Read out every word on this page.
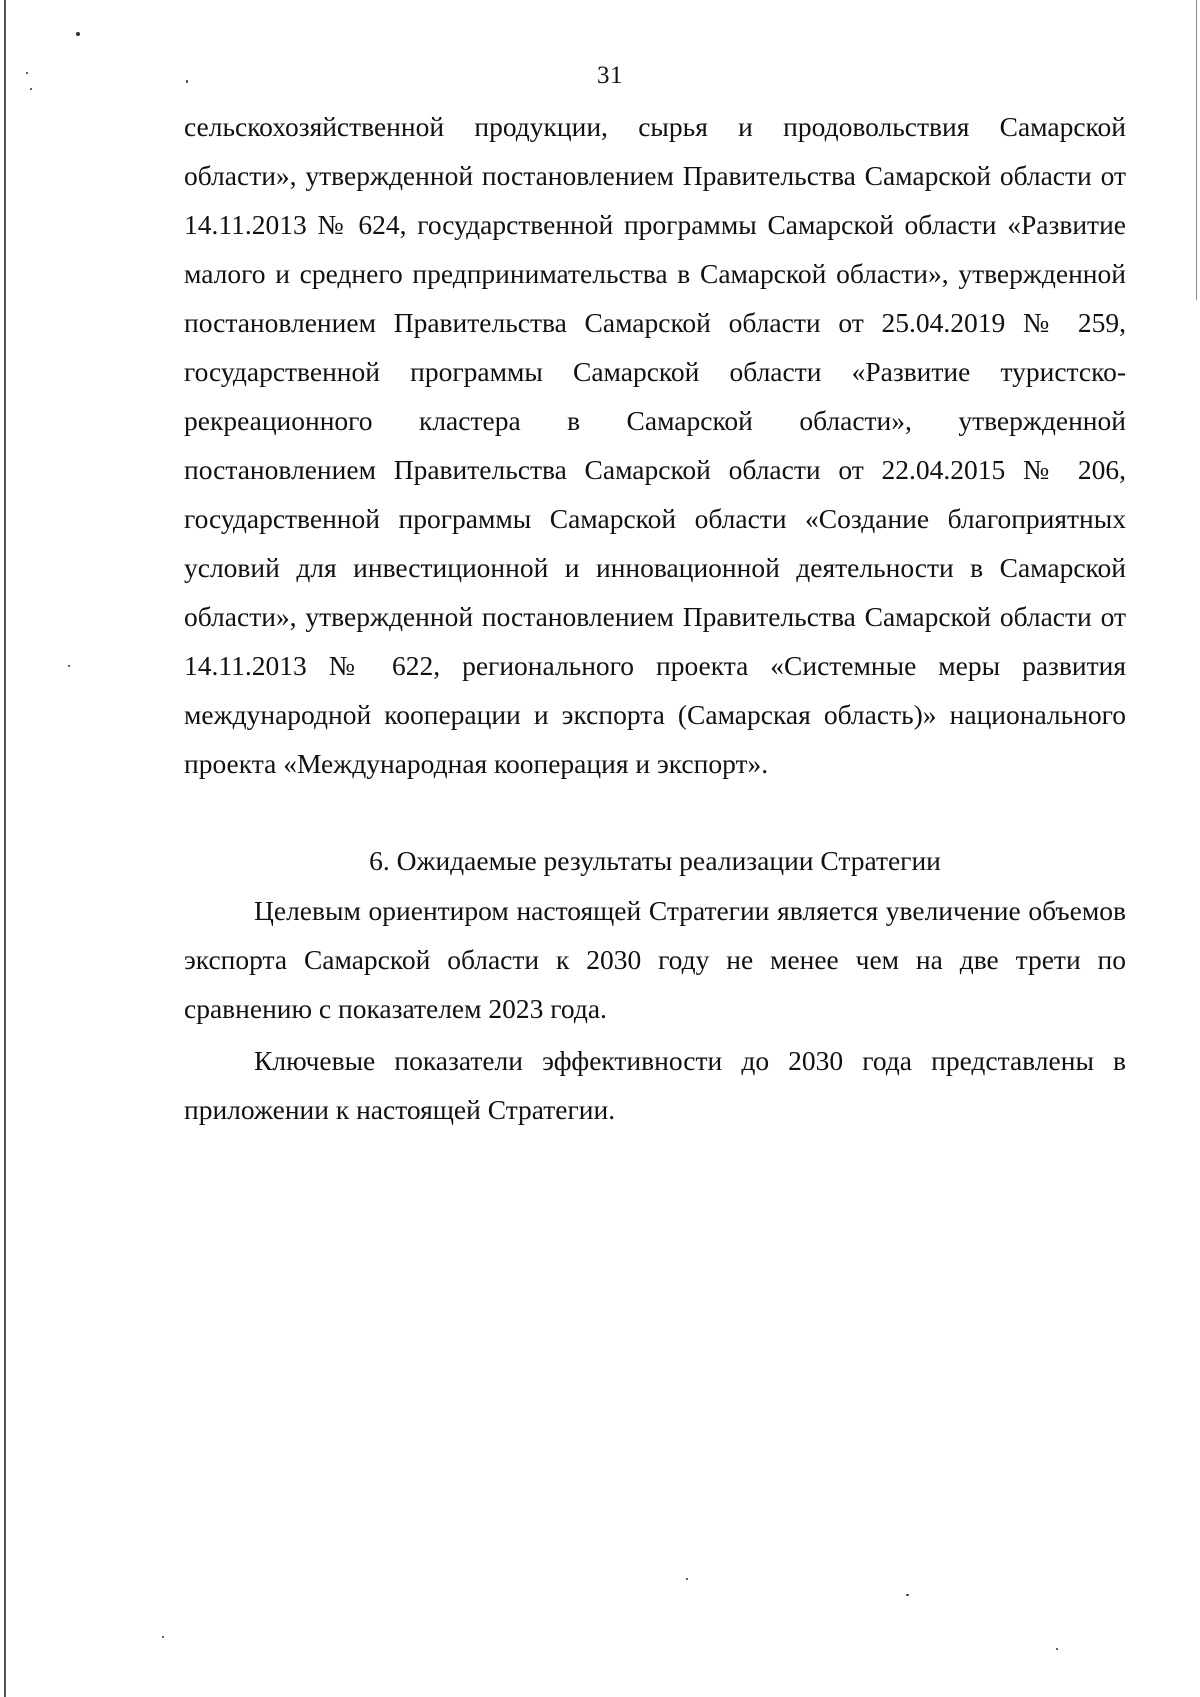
31

сельскохозяйственной продукции, сырья и продовольствия Самарской области», утвержденной постановлением Правительства Самарской области от 14.11.2013 № 624, государственной программы Самарской области «Развитие малого и среднего предпринимательства в Самарской области», утвержденной постановлением Правительства Самарской области от 25.04.2019 № 259, государственной программы Самарской области «Развитие туристско-рекреационного кластера в Самарской области», утвержденной постановлением Правительства Самарской области от 22.04.2015 № 206, государственной программы Самарской области «Создание благоприятных условий для инвестиционной и инновационной деятельности в Самарской области», утвержденной постановлением Правительства Самарской области от 14.11.2013 № 622, регионального проекта «Системные меры развития международной кооперации и экспорта (Самарская область)» национального проекта «Международная кооперация и экспорт».

6. Ожидаемые результаты реализации Стратегии

Целевым ориентиром настоящей Стратегии является увеличение объемов экспорта Самарской области к 2030 году не менее чем на две трети по сравнению с показателем 2023 года.

Ключевые показатели эффективности до 2030 года представлены в приложении к настоящей Стратегии.
